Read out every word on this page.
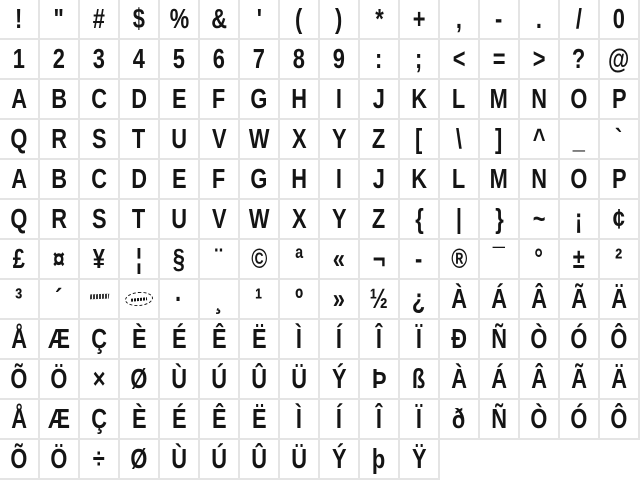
! " # $ % & ' ( ) * + , - . / 0
1 2 3 4 5 6 7 8 9 : ; < = > ? @
A B C D E F G H I J K L M N O P
Q R S T U V W X Y Z [ \ ] ^ _ `
A B C D E F G H I J K L M N O P
Q R S T U V W X Y Z { | } ~ ¡ ¢
£ ¤ ¥ ¦ § ¨ © ª « ¬ - ® ¯ ° ± ²
³ ´	· ¸ ¹ º » ½ ¿ À Á Â Ã Ä
Å Æ Ç È É Ê Ë Ì Í Î Ï Ð Ñ Ò Ó Ô
Õ Ö × Ø Ù Ú Û Ü Ý Þ ß À Á Â Ã Ä
Å Æ Ç È É Ê Ë Ì Í Î Ï ð Ñ Ò Ó Ô
Õ Ö ÷ Ø Ù Ú Û Ü Ý þ Ÿ
